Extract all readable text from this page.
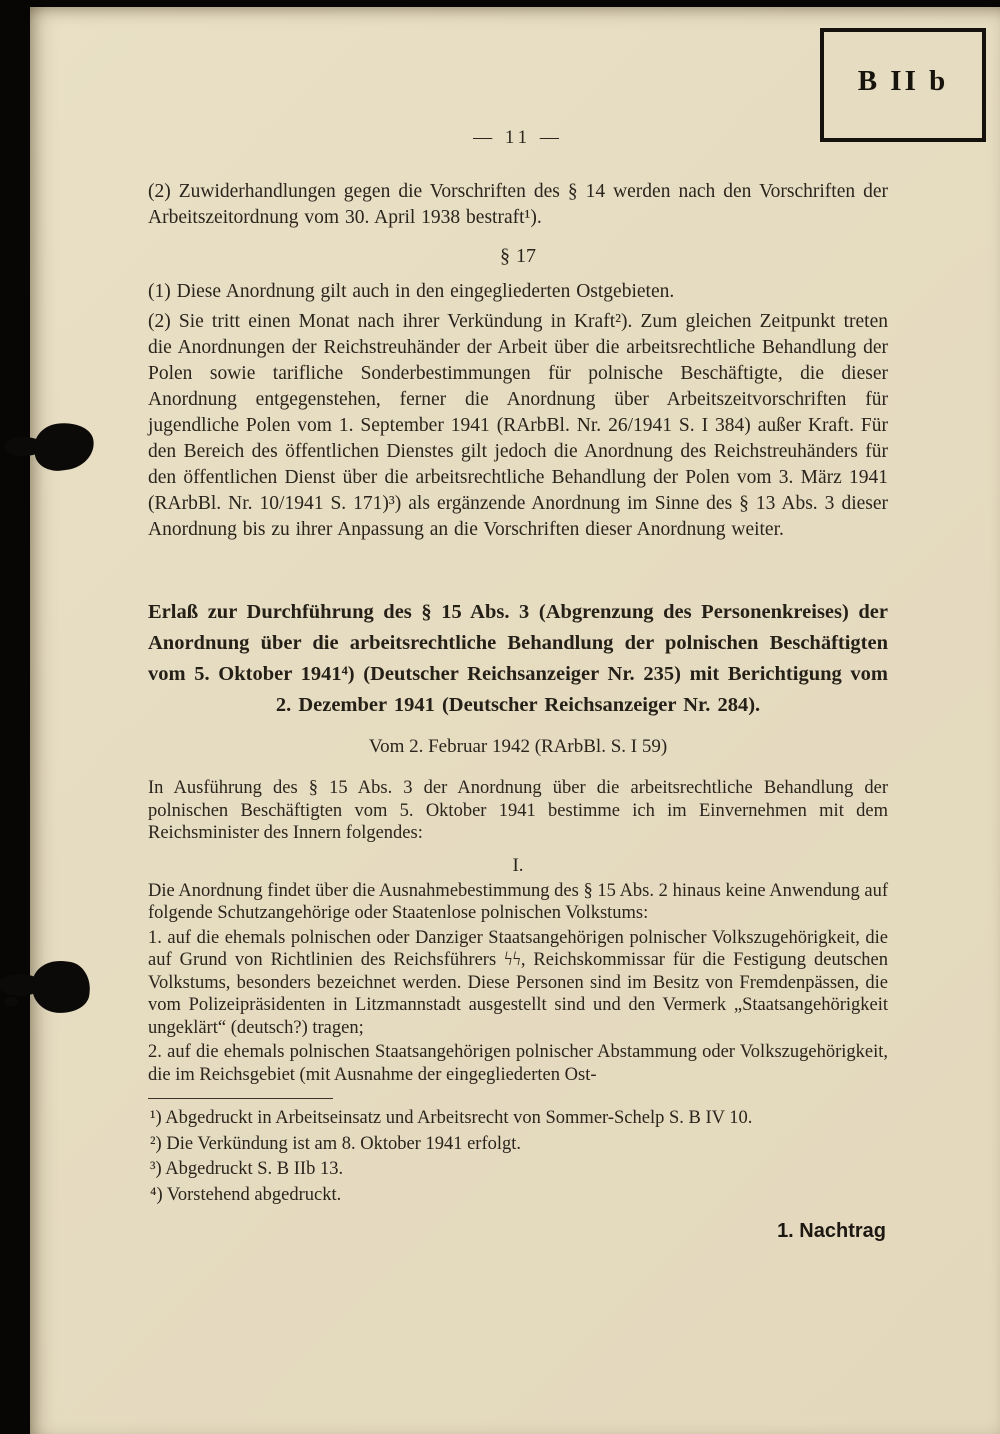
B II b
— 11 —

(2) Zuwiderhandlungen gegen die Vorschriften des § 14 werden nach den Vorschriften der Arbeitszeitordnung vom 30. April 1938 bestraft¹).

§ 17

(1) Diese Anordnung gilt auch in den eingegliederten Ostgebieten.

(2) Sie tritt einen Monat nach ihrer Verkündung in Kraft²). Zum gleichen Zeitpunkt treten die Anordnungen der Reichstreuhänder der Arbeit über die arbeitsrechtliche Behandlung der Polen sowie tarifliche Sonderbestimmungen für polnische Beschäftigte, die dieser Anordnung entgegenstehen, ferner die Anordnung über Arbeitszeitvorschriften für jugendliche Polen vom 1. September 1941 (RArbBl. Nr. 26/1941 S. I 384) außer Kraft. Für den Bereich des öffentlichen Dienstes gilt jedoch die Anordnung des Reichstreuhänders für den öffentlichen Dienst über die arbeitsrechtliche Behandlung der Polen vom 3. März 1941 (RArbBl. Nr. 10/1941 S. 171)³) als ergänzende Anordnung im Sinne des § 13 Abs. 3 dieser Anordnung bis zu ihrer Anpassung an die Vorschriften dieser Anordnung weiter.

Erlaß zur Durchführung des § 15 Abs. 3 (Abgrenzung des Personenkreises) der Anordnung über die arbeitsrechtliche Behandlung der polnischen Beschäftigten vom 5. Oktober 1941⁴) (Deutscher Reichsanzeiger Nr. 235) mit Berichtigung vom 2. Dezember 1941 (Deutscher Reichsanzeiger Nr. 284).

Vom 2. Februar 1942 (RArbBl. S. I 59)

In Ausführung des § 15 Abs. 3 der Anordnung über die arbeitsrechtliche Behandlung der polnischen Beschäftigten vom 5. Oktober 1941 bestimme ich im Einvernehmen mit dem Reichsminister des Innern folgendes:

I.

Die Anordnung findet über die Ausnahmebestimmung des § 15 Abs. 2 hinaus keine Anwendung auf folgende Schutzangehörige oder Staatenlose polnischen Volkstums:

1. auf die ehemals polnischen oder Danziger Staatsangehörigen polnischer Volkszugehörigkeit, die auf Grund von Richtlinien des Reichsführers ϟϟ, Reichskommissar für die Festigung deutschen Volkstums, besonders bezeichnet werden. Diese Personen sind im Besitz von Fremdenpässen, die vom Polizeipräsidenten in Litzmannstadt ausgestellt sind und den Vermerk „Staatsangehörigkeit ungeklärt“ (deutsch?) tragen;

2. auf die ehemals polnischen Staatsangehörigen polnischer Abstammung oder Volkszugehörigkeit, die im Reichsgebiet (mit Ausnahme der eingegliederten Ost-

¹) Abgedruckt in Arbeitseinsatz und Arbeitsrecht von Sommer-Schelp S. B IV 10.

²) Die Verkündung ist am 8. Oktober 1941 erfolgt.

³) Abgedruckt S. B IIb 13.

⁴) Vorstehend abgedruckt.

1. Nachtrag
